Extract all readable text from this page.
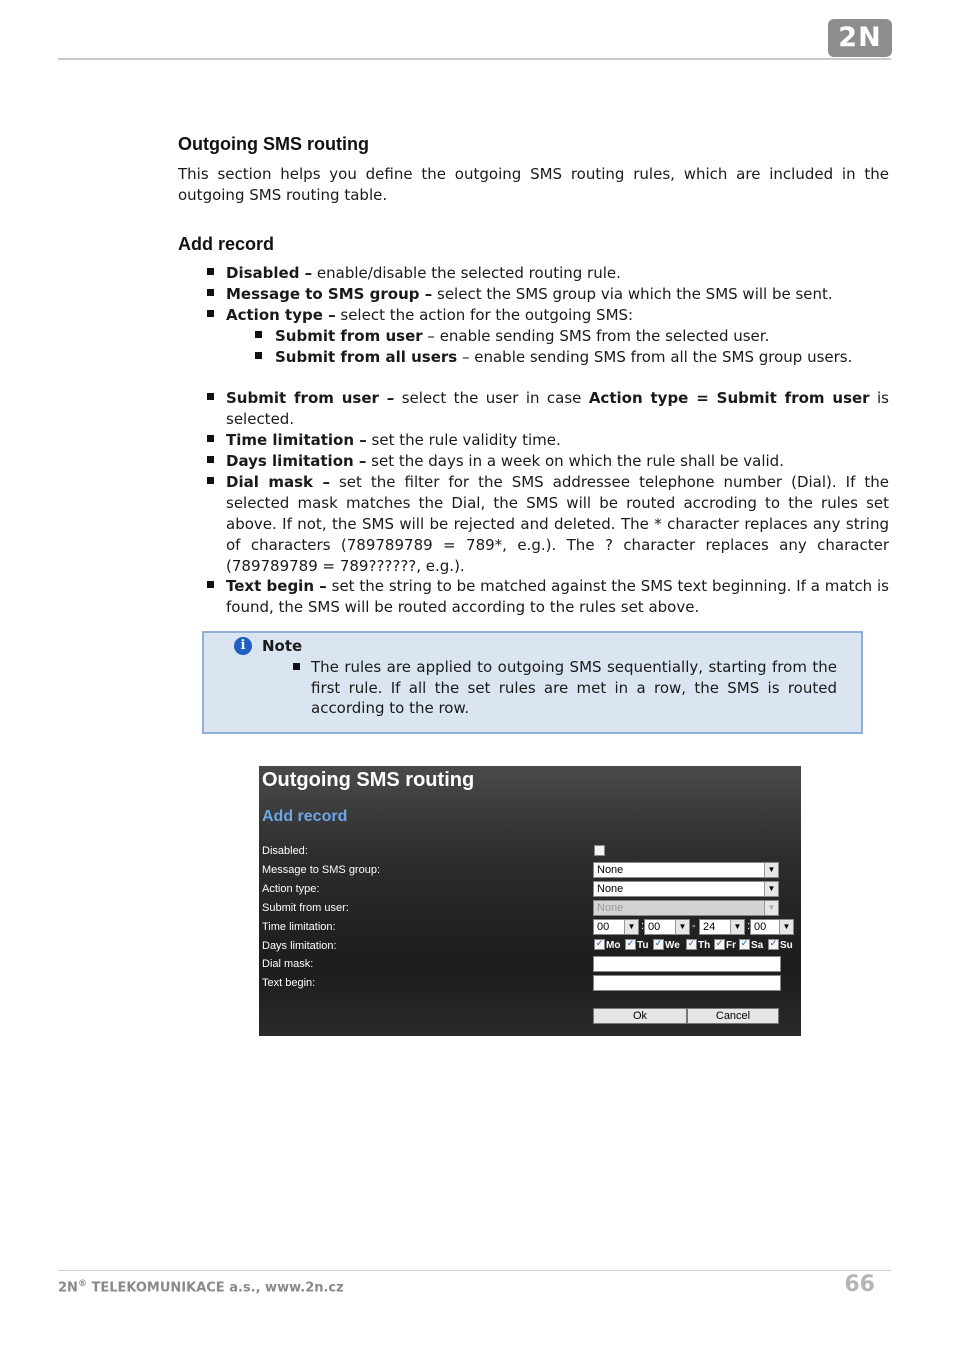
2N
Outgoing SMS routing
This section helps you define the outgoing SMS routing rules, which are included in the outgoing SMS routing table.
Add record
Disabled – enable/disable the selected routing rule.
Message to SMS group – select the SMS group via which the SMS will be sent.
Action type – select the action for the outgoing SMS:
Submit from user – enable sending SMS from the selected user.
Submit from all users – enable sending SMS from all the SMS group users.
Submit from user – select the user in case Action type = Submit from user is selected.
Time limitation – set the rule validity time.
Days limitation – set the days in a week on which the rule shall be valid.
Dial mask – set the filter for the SMS addressee telephone number (Dial). If the selected mask matches the Dial, the SMS will be routed accroding to the rules set above. If not, the SMS will be rejected and deleted. The * character replaces any string of characters (789789789 = 789*, e.g.). The ? character replaces any character (789789789 = 789??????, e.g.).
Text begin – set the string to be matched against the SMS text beginning. If a match is found, the SMS will be routed according to the rules set above.
i	Note
The rules are applied to outgoing SMS sequentially, starting from the first rule. If all the set rules are met in a row, the SMS is routed according to the row.
Outgoing SMS routing
Add record
Disabled:
Message to SMS group:	None	▼
Action type:	None	▼
Submit from user:	None	▼
Time limitation:	00	▼ : 00	▼ - 24	▼ : 00	▼
Days limitation:	✓ Mo ✓ Tu ✓ We ✓ Th ✓ Fr ✓ Sa ✓ Su
Dial mask:
Text begin:
Ok	Cancel
2N® TELEKOMUNIKACE a.s., www.2n.cz	66
